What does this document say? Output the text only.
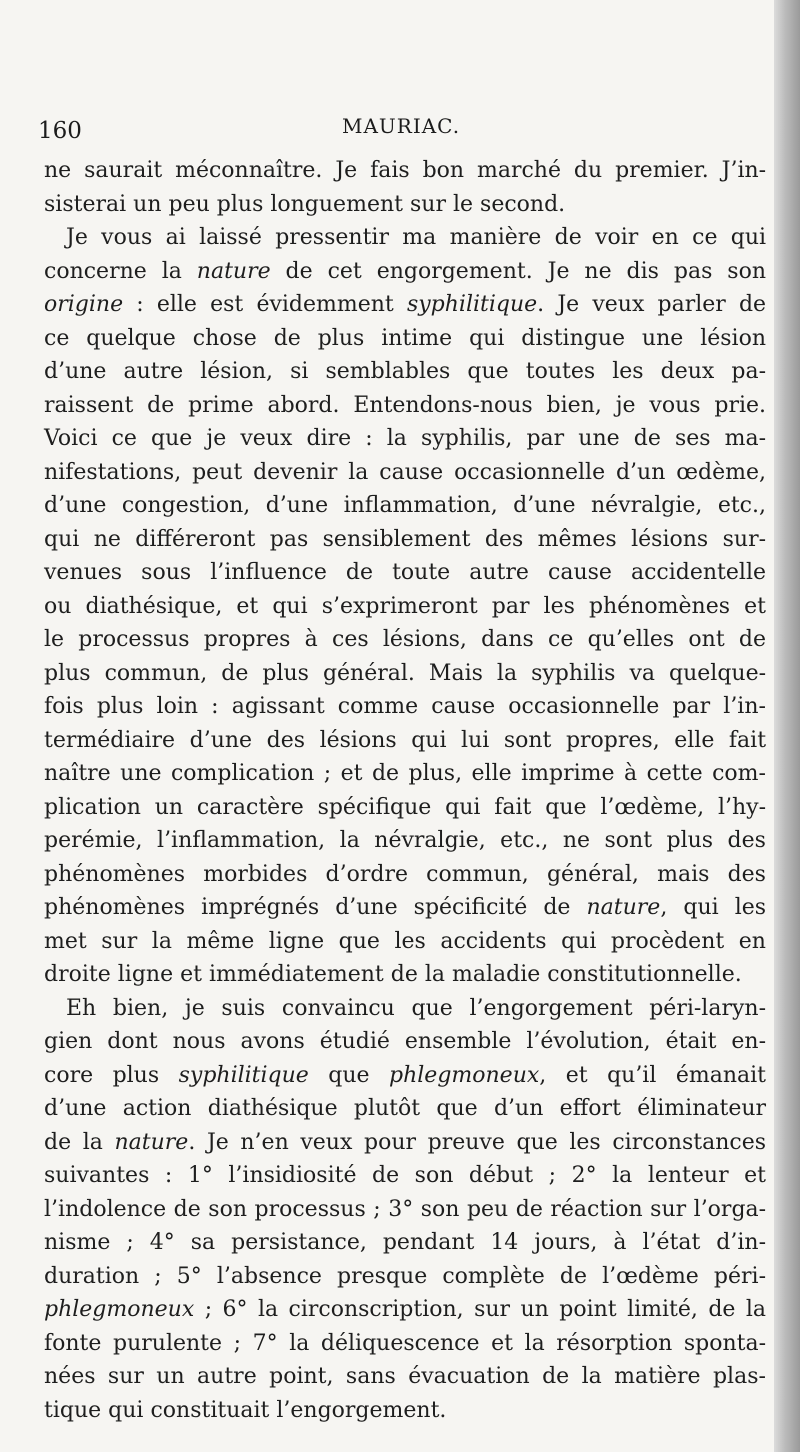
160	MAURIAC.
ne saurait méconnaître. Je fais bon marché du premier. J’in-
sisterai un peu plus longuement sur le second.
Je vous ai laissé pressentir ma manière de voir en ce qui
concerne la nature de cet engorgement. Je ne dis pas son
origine : elle est évidemment syphilitique. Je veux parler de
ce quelque chose de plus intime qui distingue une lésion
d’une autre lésion, si semblables que toutes les deux pa-
raissent de prime abord. Entendons-nous bien, je vous prie.
Voici ce que je veux dire : la syphilis, par une de ses ma-
nifestations, peut devenir la cause occasionnelle d’un œdème,
d’une congestion, d’une inflammation, d’une névralgie, etc.,
qui ne différeront pas sensiblement des mêmes lésions sur-
venues sous l’influence de toute autre cause accidentelle
ou diathésique, et qui s’exprimeront par les phénomènes et
le processus propres à ces lésions, dans ce qu’elles ont de
plus commun, de plus général. Mais la syphilis va quelque-
fois plus loin : agissant comme cause occasionnelle par l’in-
termédiaire d’une des lésions qui lui sont propres, elle fait
naître une complication ; et de plus, elle imprime à cette com-
plication un caractère spécifique qui fait que l’œdème, l’hy-
perémie, l’inflammation, la névralgie, etc., ne sont plus des
phénomènes morbides d’ordre commun, général, mais des
phénomènes imprégnés d’une spécificité de nature, qui les
met sur la même ligne que les accidents qui procèdent en
droite ligne et immédiatement de la maladie constitutionnelle.
Eh bien, je suis convaincu que l’engorgement péri-laryn-
gien dont nous avons étudié ensemble l’évolution, était en-
core plus syphilitique que phlegmoneux, et qu’il émanait
d’une action diathésique plutôt que d’un effort éliminateur
de la nature. Je n’en veux pour preuve que les circonstances
suivantes : 1° l’insidiosité de son début ; 2° la lenteur et
l’indolence de son processus ; 3° son peu de réaction sur l’orga-
nisme ; 4° sa persistance, pendant 14 jours, à l’état d’in-
duration ; 5° l’absence presque complète de l’œdème péri-
phlegmoneux ; 6° la circonscription, sur un point limité, de la
fonte purulente ; 7° la déliquescence et la résorption sponta-
nées sur un autre point, sans évacuation de la matière plas-
tique qui constituait l’engorgement.
